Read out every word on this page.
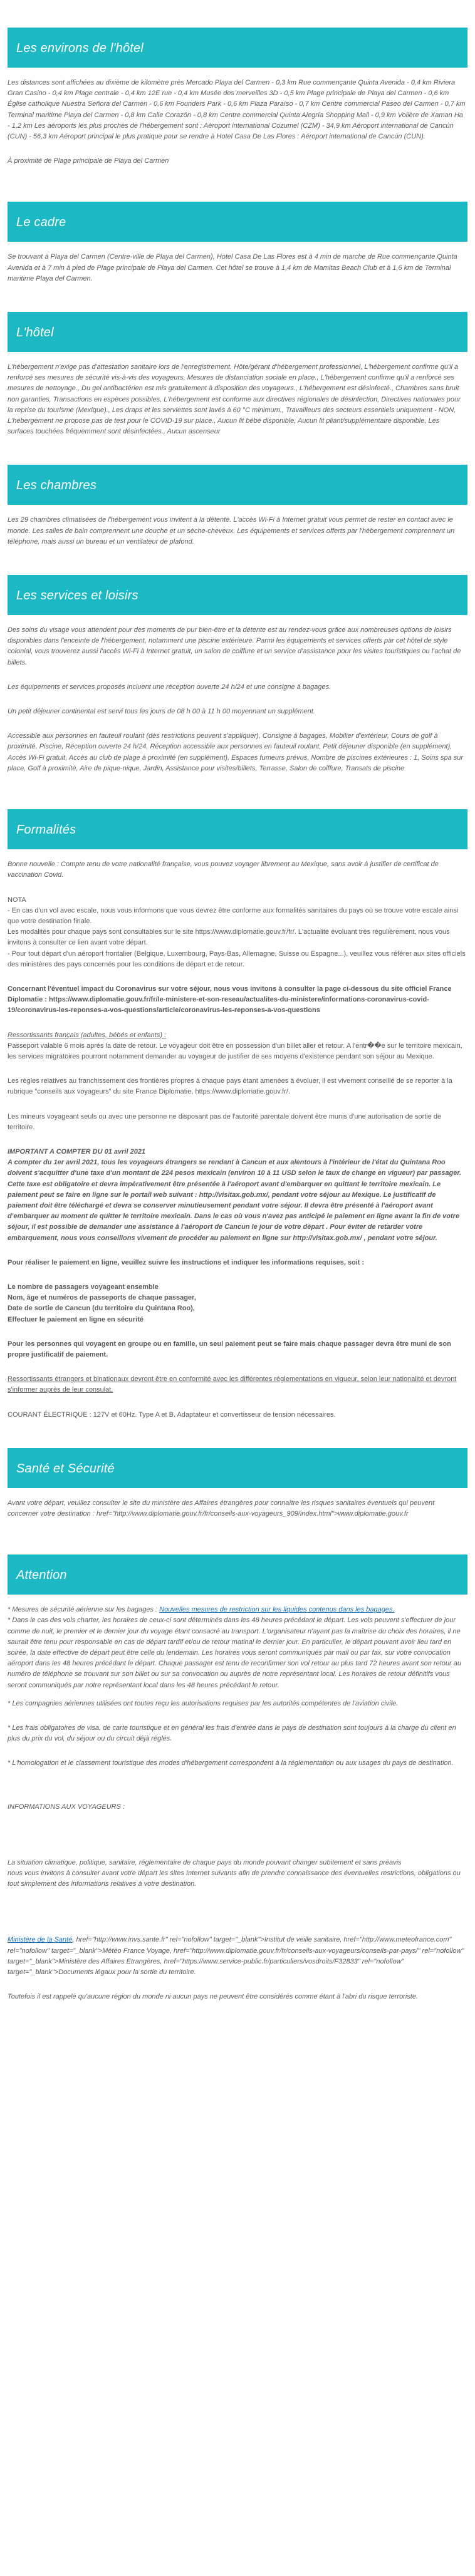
Les environs de l'hôtel

Les distances sont affichées au dixième de kilomètre près Mercado Playa del Carmen - 0,3 km Rue commençante Quinta Avenida - 0,4 km Riviera Gran Casino - 0,4 km Plage centrale - 0,4 km 12E rue - 0,4 km Musée des merveilles 3D - 0,5 km Plage principale de Playa del Carmen - 0,6 km Église catholique Nuestra Señora del Carmen - 0,6 km Founders Park - 0,6 km Plaza Paraíso - 0,7 km Centre commercial Paseo del Carmen - 0,7 km Terminal maritime Playa del Carmen - 0,8 km Calle Corazón - 0,8 km Centre commercial Quinta Alegría Shopping Mall - 0,9 km Volière de Xaman Ha - 1,2 km Les aéroports les plus proches de l'hébergement sont : Aéroport international Cozumel (CZM) - 34,9 km Aéroport international de Cancún (CUN) - 56,3 km Aéroport principal le plus pratique pour se rendre à Hotel Casa De Las Flores : Aéroport international de Cancún (CUN).

À proximité de Plage principale de Playa del Carmen

Le cadre

Se trouvant à Playa del Carmen (Centre-ville de Playa del Carmen), Hotel Casa De Las Flores est à 4 min de marche de Rue commençante Quinta Avenida et à 7 min à pied de Plage principale de Playa del Carmen. Cet hôtel se trouve à 1,4 km de Mamitas Beach Club et à 1,6 km de Terminal maritime Playa del Carmen.

L'hôtel

L'hébergement n'exige pas d'attestation sanitaire lors de l'enregistrement. Hôte/gérant d'hébergement professionnel, L'hébergement confirme qu'il a renforcé ses mesures de sécurité vis-à-vis des voyageurs, Mesures de distanciation sociale en place., L'hébergement confirme qu'il a renforcé ses mesures de nettoyage., Du gel antibactérien est mis gratuitement à disposition des voyageurs., L'hébergement est désinfecté., Chambres sans bruit non garanties, Transactions en espèces possibles, L'hébergement est conforme aux directives régionales de désinfection, Directives nationales pour la reprise du tourisme (Mexique)., Les draps et les serviettes sont lavés à 60 °C minimum., Travailleurs des secteurs essentiels uniquement - NON, L'hébergement ne propose pas de test pour le COVID-19 sur place., Aucun lit bébé disponible, Aucun lit pliant/supplémentaire disponible, Les surfaces touchées fréquemment sont désinfectées., Aucun ascenseur

Les chambres

Les 29 chambres climatisées de l'hébergement vous invitent à la détente. L'accès Wi-Fi à Internet gratuit vous permet de rester en contact avec le monde. Les salles de bain comprennent une douche et un sèche-cheveux. Les équipements et services offerts par l'hébergement comprennent un téléphone, mais aussi un bureau et un ventilateur de plafond.

Les services et loisirs

Des soins du visage vous attendent pour des moments de pur bien-être et la détente est au rendez-vous grâce aux nombreuses options de loisirs disponibles dans l'enceinte de l'hébergement, notamment une piscine extérieure. Parmi les équipements et services offerts par cet hôtel de style colonial, vous trouverez aussi l'accès Wi-Fi à Internet gratuit, un salon de coiffure et un service d'assistance pour les visites touristiques ou l'achat de billets.

Les équipements et services proposés incluent une réception ouverte 24 h/24 et une consigne à bagages.

Un petit déjeuner continental est servi tous les jours de 08 h 00 à 11 h 00 moyennant un supplément.

Accessible aux personnes en fauteuil roulant (dès restrictions peuvent s'appliquer), Consigne à bagages, Mobilier d'extérieur, Cours de golf à proximité, Piscine, Réception ouverte 24 h/24, Réception accessible aux personnes en fauteuil roulant, Petit déjeuner disponible (en supplément), Accès Wi-Fi gratuit, Accès au club de plage à proximité (en supplément), Espaces fumeurs prévus, Nombre de piscines extérieures : 1, Soins spa sur place, Golf à proximité, Aire de pique-nique, Jardin, Assistance pour visites/billets, Terrasse, Salon de coiffure, Transats de piscine

Formalités

Bonne nouvelle : Compte tenu de votre nationalité française, vous pouvez voyager librement au Mexique, sans avoir à justifier de certificat de vaccination Covid.

NOTA

- En cas d'un vol avec escale, nous vous informons que vous devrez être conforme aux formalités sanitaires du pays où se trouve votre escale ainsi que votre destination finale.

Les modalités pour chaque pays sont consultables sur le site https://www.diplomatie.gouv.fr/fr/. L'actualité évoluant très régulièrement, nous vous invitons à consulter ce lien avant votre départ.

- Pour tout départ d'un aéroport frontalier (Belgique, Luxembourg, Pays-Bas, Allemagne, Suisse ou Espagne...), veuillez vous référer aux sites officiels des ministères des pays concernés pour les conditions de départ et de retour.

Concernant l'éventuel impact du Coronavirus sur votre séjour, nous vous invitons à consulter la page ci-dessous du site officiel France Diplomatie : https://www.diplomatie.gouv.fr/fr/le-ministere-et-son-reseau/actualites-du-ministere/informations-coronavirus-covid-19/coronavirus-les-reponses-a-vos-questions/article/coronavirus-les-reponses-a-vos-questions

Ressortissants français (adultes, bébés et enfants) :

Passeport valable 6 mois après la date de retour. Le voyageur doit être en possession d'un billet aller et retour. A l'entr��e sur le territoire mexicain, les services migratoires pourront notamment demander au voyageur de justifier de ses moyens d'existence pendant son séjour au Mexique.

Les règles relatives au franchissement des frontières propres à chaque pays étant amenées à évoluer, il est vivement conseillé de se reporter à la rubrique "conseils aux voyageurs" du site France Diplomatie, https://www.diplomatie.gouv.fr/.

Les mineurs voyageant seuls ou avec une personne ne disposant pas de l'autorité parentale doivent être munis d'une autorisation de sortie de territoire.

IMPORTANT A COMPTER DU 01 avril 2021
A compter du 1er avril 2021, tous les voyageurs étrangers se rendant à Cancun et aux alentours à l'intérieur de l'état du Quintana Roo doivent s'acquitter d'une taxe d'un montant de 224 pesos mexicain (environ 10 à 11 USD selon le taux de change en vigueur) par passager. Cette taxe est obligatoire et devra impérativement être présentée à l'aéroport avant d'embarquer en quittant le territoire mexicain. Le paiement peut se faire en ligne sur le portail web suivant : http://visitax.gob.mx/, pendant votre séjour au Mexique. Le justificatif de paiement doit être téléchargé et devra se conserver minutieusement pendant votre séjour. Il devra être présenté à l'aéroport avant d'embarquer au moment de quitter le territoire mexicain. Dans le cas où vous n'avez pas anticipé le paiement en ligne avant la fin de votre séjour, il est possible de demander une assistance à l'aéroport de Cancun le jour de votre départ . Pour éviter de retarder votre embarquement, nous vous conseillons vivement de procéder au paiement en ligne sur http://visitax.gob.mx/ , pendant votre séjour.

Pour réaliser le paiement en ligne, veuillez suivre les instructions et indiquer les informations requises, soit :

Le nombre de passagers voyageant ensemble

Nom, âge et numéros de passeports de chaque passager,

Date de sortie de Cancun (du territoire du Quintana Roo),

Effectuer le paiement en ligne en sécurité

Pour les personnes qui voyagent en groupe ou en famille, un seul paiement peut se faire mais chaque passager devra être muni de son propre justificatif de paiement.

Ressortissants étrangers et binationaux devront être en conformité avec les différentes réglementations en vigueur, selon leur nationalité et devront s'informer auprès de leur consulat.

COURANT ÉLECTRIQUE : 127V et 60Hz. Type A et B. Adaptateur et convertisseur de tension nécessaires.

Santé et Sécurité

Avant votre départ, veuillez consulter le site du ministère des Affaires étrangères pour connaître les risques sanitaires éventuels qui peuvent concerner votre destination : href="http://www.diplomatie.gouv.fr/fr/conseils-aux-voyageurs_909/index.html">www.diplomatie.gouv.fr

Attention

* Mesures de sécurité aérienne sur les bagages : Nouvelles mesures de restriction sur les liquides contenus dans les bagages.

* Dans le cas des vols charter, les horaires de ceux-ci sont déterminés dans les 48 heures précédant le départ. Les vols peuvent s'effectuer de jour comme de nuit, le premier et le dernier jour du voyage étant consacré au transport. L'organisateur n'ayant pas la maîtrise du choix des horaires, il ne saurait être tenu pour responsable en cas de départ tardif et/ou de retour matinal le dernier jour. En particulier, le départ pouvant avoir lieu tard en soirée, la date effective de départ peut être celle du lendemain. Les horaires vous seront communiqués par mail ou par fax, sur votre convocation aéroport dans les 48 heures précédant le départ. Chaque passager est tenu de reconfirmer son vol retour au plus tard 72 heures avant son retour au numéro de téléphone se trouvant sur son billet ou sur sa convocation ou auprès de notre représentant local. Les horaires de retour définitifs vous seront communiqués par notre représentant local dans les 48 heures précédant le retour.

* Les compagnies aériennes utilisées ont toutes reçu les autorisations requises par les autorités compétentes de l'aviation civile.

* Les frais obligatoires de visa, de carte touristique et en général les frais d'entrée dans le pays de destination sont toujours à la charge du client en plus du prix du vol, du séjour ou du circuit déjà réglés.

* L'homologation et le classement touristique des modes d'hébergement correspondent à la réglementation ou aux usages du pays de destination.

INFORMATIONS AUX VOYAGEURS :

La situation climatique, politique, sanitaire, réglementaire de chaque pays du monde pouvant changer subitement et sans préavis
nous vous invitons à consulter avant votre départ les sites Internet suivants afin de prendre connaissance des éventuelles restrictions, obligations ou tout simplement des informations relatives à votre destination.

Ministère de la Santé, href="http://www.invs.sante.fr" rel="nofollow" target="_blank">Institut de veille sanitaire, href="http://www.meteofrance.com" rel="nofollow" target="_blank">Météo France Voyage, href="http://www.diplomatie.gouv.fr/fr/conseils-aux-voyageurs/conseils-par-pays/" rel="nofollow" target="_blank">Ministère des Affaires Etrangères, href="https://www.service-public.fr/particuliers/vosdroits/F32833" rel="nofollow" target="_blank">Documents légaux pour la sortie du territoire.

Toutefois il est rappelé qu'aucune région du monde ni aucun pays ne peuvent être considérés comme étant à l'abri du risque terroriste.
